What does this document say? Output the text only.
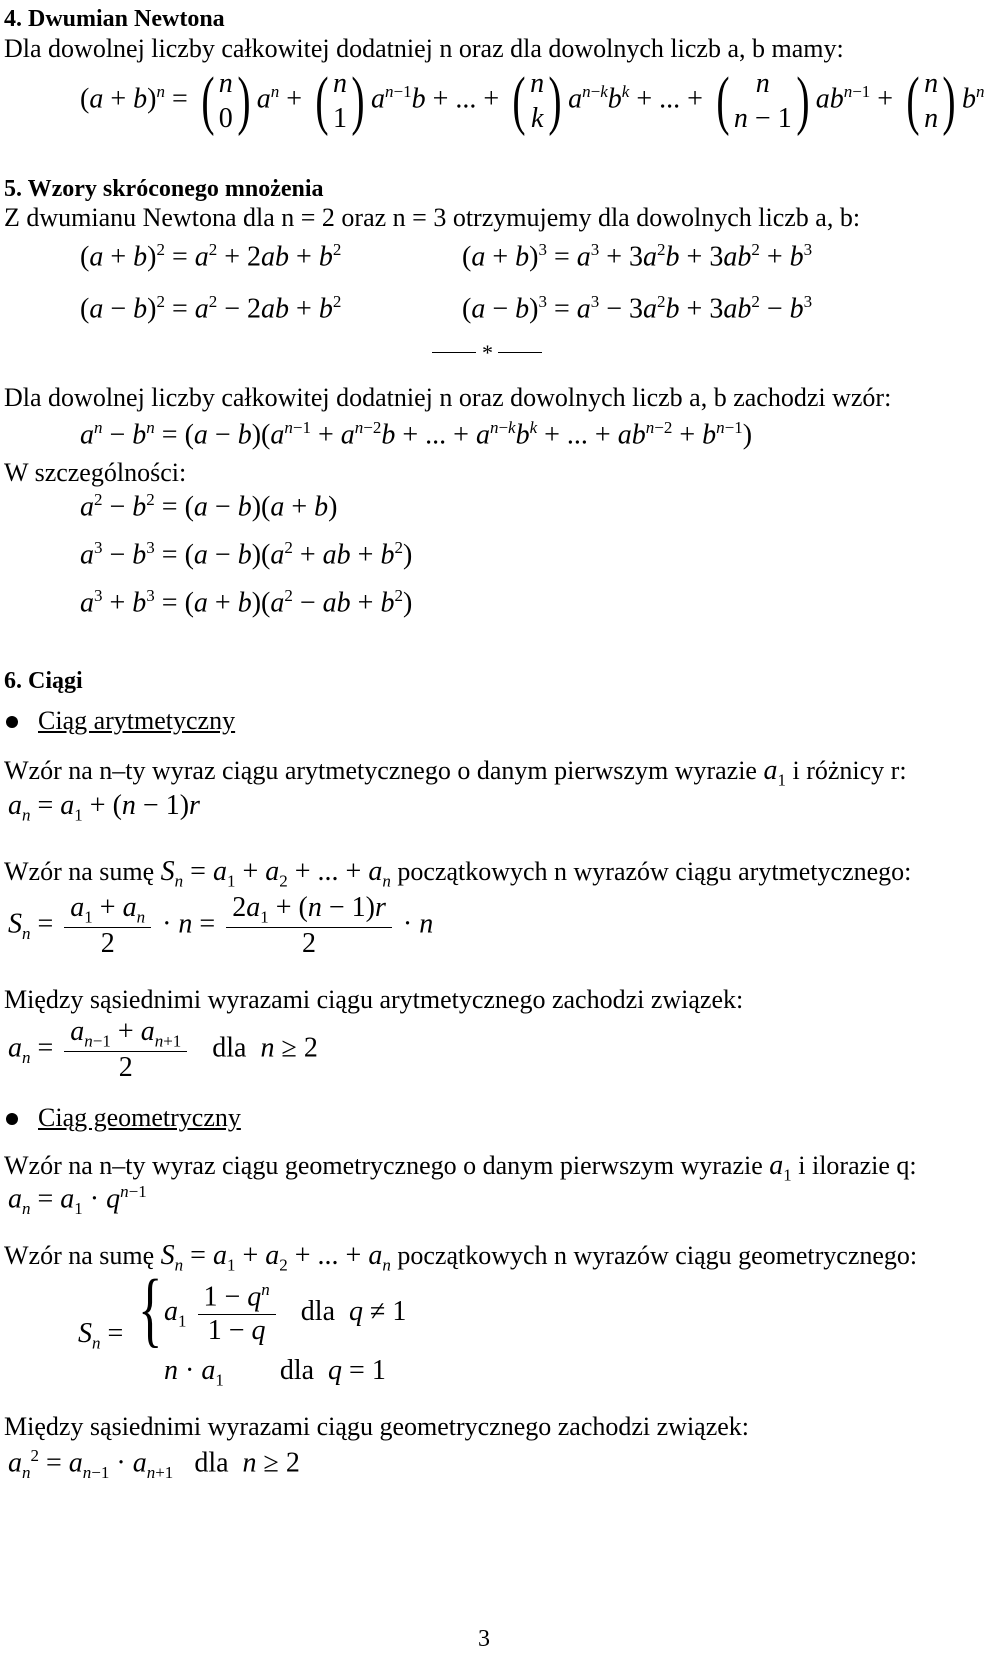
4. Dwumian Newtona
Dla dowolnej liczby całkowitej dodatniej n oraz dla dowolnych liczb a, b mamy:
$(a + b)^n$ = ( n
0 ) $a^n$ + ( n
1 ) $a^{n-1}b$ + ... + ( n
k ) $a^{n-k}b^k$ + ... + ( n
n − 1 ) $ab^{n-1}$ + ( n
n ) $b^n$
5. Wzory skróconego mnożenia
Z dwumianu Newtona dla n = 2 oraz n = 3 otrzymujemy dla dowolnych liczb a, b:
$(a + b)^2 = a^2 + 2ab + b^2$	$(a + b)^3 = a^3 + 3a^2b + 3ab^2 + b^3$
$(a - b)^2 = a^2 - 2ab + b^2$	$(a - b)^3 = a^3 - 3a^2b + 3ab^2 - b^3$
*
Dla dowolnej liczby całkowitej dodatniej n oraz dowolnych liczb a, b zachodzi wzór:
$a^n - b^n = (a - b)(a^{n-1} + a^{n-2}b$ + ... + $a^{n-k}b^k$ + ... + $ab^{n-2} + b^{n-1}$)
W szczególności:
$a^2 - b^2 = (a - b)(a + b)$
$a^3 - b^3 = (a - b)(a^2$ + ab + $b^2$)
$a^3 + b^3 = (a + b)(a^2$ − ab + $b^2$)
6. Ciągi
Ciąg arytmetyczny
Wzór na n–ty wyraz ciągu arytmetycznego o danym pierwszym wyrazie $a_1$ i różnicy r:
$a_n = a_1 + (n - 1)r$
Wzór na sumę $S_n = a_1 + a_2$ + ... + $a_n$ początkowych n wyrazów ciągu arytmetycznego:
$S_n = \frac{a_1 + a_n}{2} \cdot n = \frac{2a_1 + (n - 1)r}{2} \cdot n$
Między sąsiednimi wyrazami ciągu arytmetycznego zachodzi związek:
$a_n = \frac{a_{n-1} + a_{n+1}}{2}$ dla n ≥ 2
Ciąg geometryczny
Wzór na n–ty wyraz ciągu geometrycznego o danym pierwszym wyrazie $a_1$ i ilorazie q:
$a_n = a_1 \cdot q^{n-1}$
Wzór na sumę $S_n = a_1 + a_2$ + ... + $a_n$ początkowych n wyrazów ciągu geometrycznego:
$S_n$ = { $a_1 \frac{1 - q^n}{1 - q}$ dla q ≠ 1
$n \cdot a_1$ dla q = 1
Między sąsiednimi wyrazami ciągu geometrycznego zachodzi związek:
$a_n^2 = a_{n-1} \cdot a_{n+1}$ dla n ≥ 2
3
